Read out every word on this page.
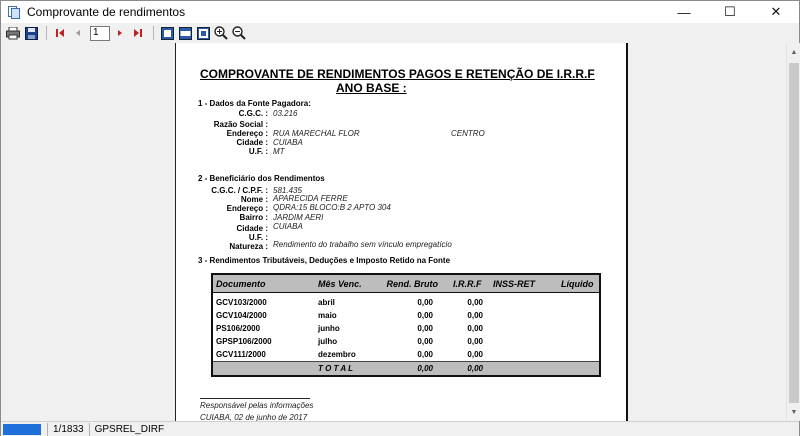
Comprovante de rendimentos	—	☐	✕
1
COMPROVANTE DE RENDIMENTOS PAGOS E RETENÇÃO DE I.R.R.F
ANO BASE :
1 - Dados da Fonte Pagadora:
C.G.C. : 03.216
Razão Social :
Endereço : RUA MARECHAL FLOR	CENTRO
Cidade : CUIABA
U.F. : MT
2 - Beneficiário dos Rendimentos
C.G.C. / C.P.F. : 581.435
Nome : APARECIDA FERRE
Endereço : QDRA:15 BLOCO:B 2 APTO 304
Bairro : JARDIM AERI
Cidade : CUIABA
U.F. :
Natureza : Rendimento do trabalho sem vínculo empregatício
3 - Rendimentos Tributáveis, Deduções e Imposto Retido na Fonte
Documento	Mês Venc.	Rend. Bruto I.R.R.F INSS-RET	Líquido
GCV103/2000	abril	0,00	0,00
GCV104/2000	maio	0,00	0,00
PS106/2000	junho	0,00	0,00
GPSP106/2000	julho	0,00	0,00
GCV111/2000	dezembro	0,00	0,00
T O T A L	0,00	0,00
Responsável pelas informações
CUIABA, 02 de junho de 2017
▲
▼
1/1833	GPSREL_DIRF
